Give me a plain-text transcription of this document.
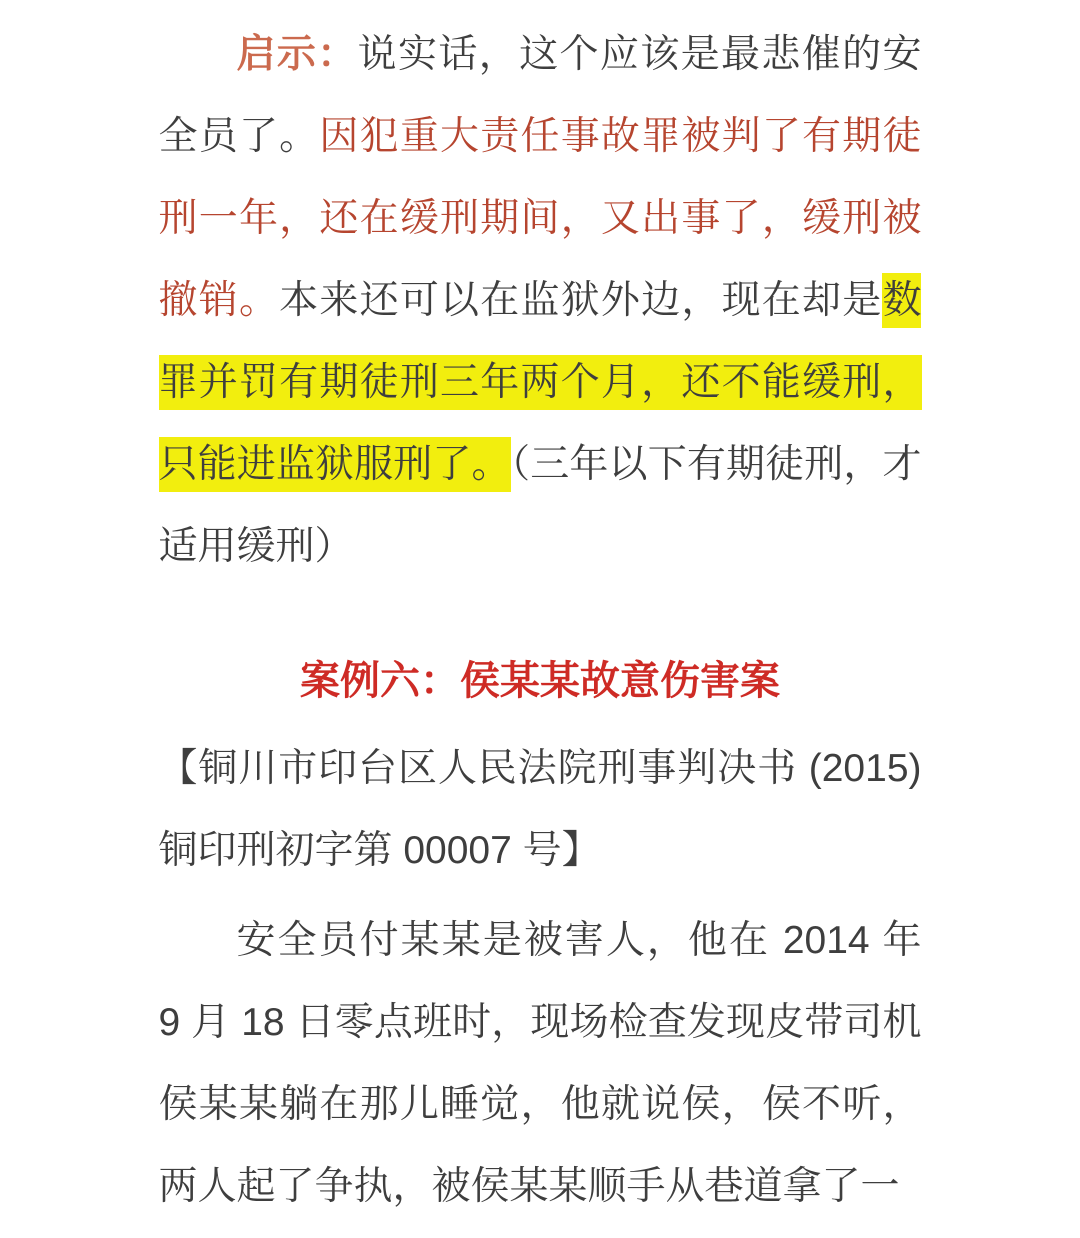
启示：说实话，这个应该是最悲催的安全员了。因犯重大责任事故罪被判了有期徒刑一年，还在缓刑期间，又出事了，缓刑被撤销。本来还可以在监狱外边，现在却是数罪并罚有期徒刑三年两个月，还不能缓刑，只能进监狱服刑了。（三年以下有期徒刑，才适用缓刑）

案例六：侯某某故意伤害案

【铜川市印台区人民法院刑事判决书 (2015) 铜印刑初字第 00007 号】

安全员付某某是被害人，他在 2014 年 9 月 18 日零点班时，现场检查发现皮带司机侯某某躺在那儿睡觉，他就说侯，侯不听，两人起了争执，被侯某某顺手从巷道拿了一
